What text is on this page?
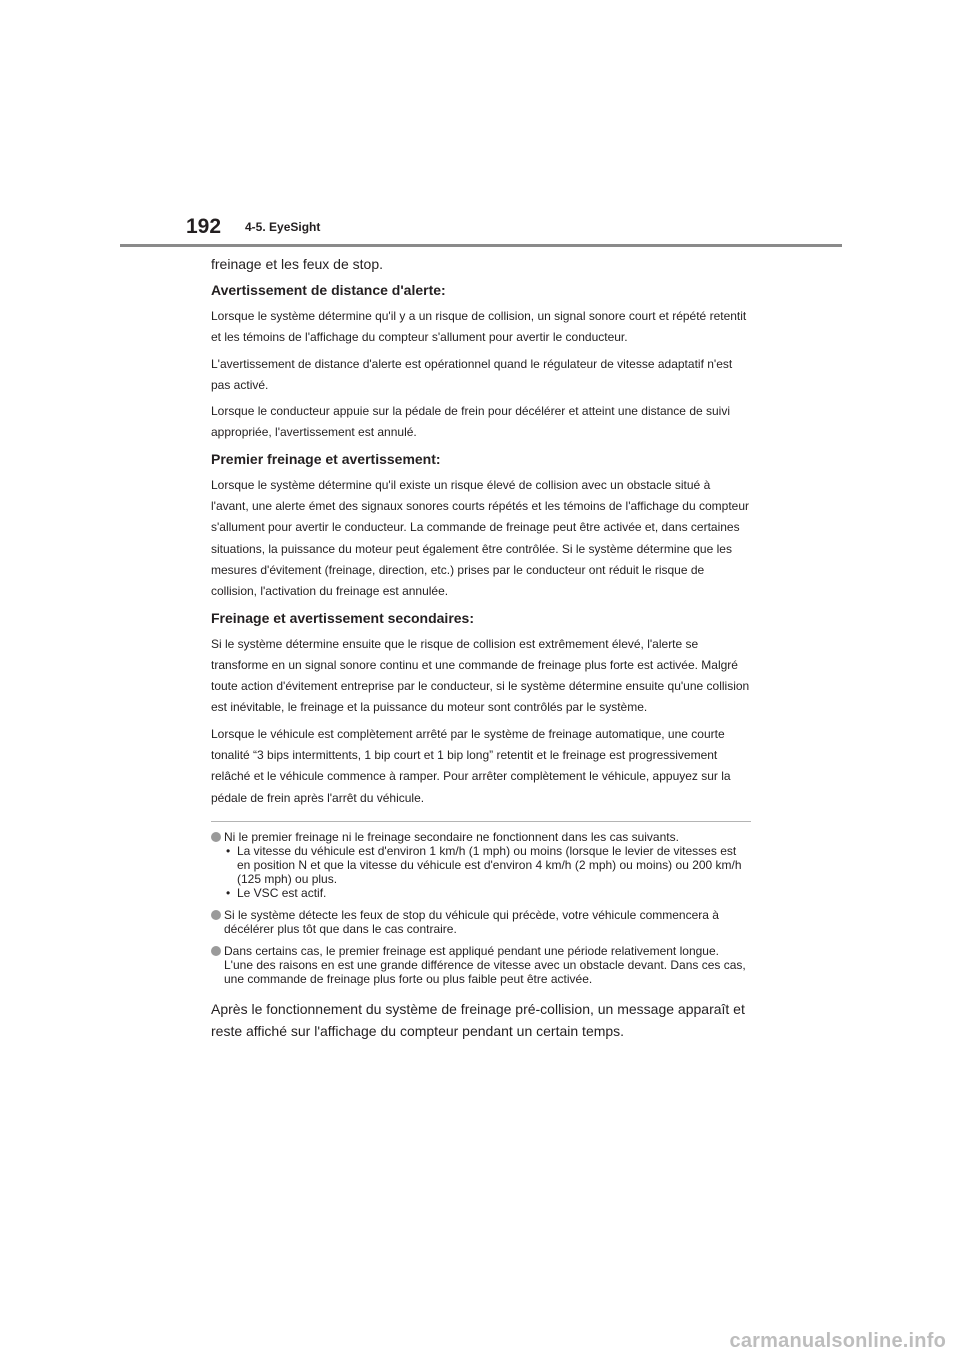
192 4-5. EyeSight
freinage et les feux de stop.
Avertissement de distance d'alerte:
Lorsque le système détermine qu'il y a un risque de collision, un signal sonore court et répété retentit et les témoins de l'affichage du compteur s'allument pour avertir le conducteur.
L'avertissement de distance d'alerte est opérationnel quand le régulateur de vitesse adaptatif n'est pas activé.
Lorsque le conducteur appuie sur la pédale de frein pour décélérer et atteint une distance de suivi appropriée, l'avertissement est annulé.
Premier freinage et avertissement:
Lorsque le système détermine qu'il existe un risque élevé de collision avec un obstacle situé à l'avant, une alerte émet des signaux sonores courts répétés et les témoins de l'affichage du compteur s'allument pour avertir le conducteur. La commande de freinage peut être activée et, dans certaines situations, la puissance du moteur peut également être contrôlée. Si le système détermine que les mesures d'évitement (freinage, direction, etc.) prises par le conducteur ont réduit le risque de collision, l'activation du freinage est annulée.
Freinage et avertissement secondaires:
Si le système détermine ensuite que le risque de collision est extrêmement élevé, l'alerte se transforme en un signal sonore continu et une commande de freinage plus forte est activée. Malgré toute action d'évitement entreprise par le conducteur, si le système détermine ensuite qu'une collision est inévitable, le freinage et la puissance du moteur sont contrôlés par le système.
Lorsque le véhicule est complètement arrêté par le système de freinage automatique, une courte tonalité “3 bips intermittents, 1 bip court et 1 bip long” retentit et le freinage est progressivement relâché et le véhicule commence à ramper. Pour arrêter complètement le véhicule, appuyez sur la pédale de frein après l'arrêt du véhicule.
Ni le premier freinage ni le freinage secondaire ne fonctionnent dans les cas suivants.
• La vitesse du véhicule est d'environ 1 km/h (1 mph) ou moins (lorsque le levier de vitesses est en position N et que la vitesse du véhicule est d'environ 4 km/h (2 mph) ou moins) ou 200 km/h (125 mph) ou plus.
• Le VSC est actif.
Si le système détecte les feux de stop du véhicule qui précède, votre véhicule commencera à décélérer plus tôt que dans le cas contraire.
Dans certains cas, le premier freinage est appliqué pendant une période relativement longue. L'une des raisons en est une grande différence de vitesse avec un obstacle devant. Dans ces cas, une commande de freinage plus forte ou plus faible peut être activée.
Après le fonctionnement du système de freinage pré-collision, un message apparaît et reste affiché sur l'affichage du compteur pendant un certain temps.
carmanualsonline.info
